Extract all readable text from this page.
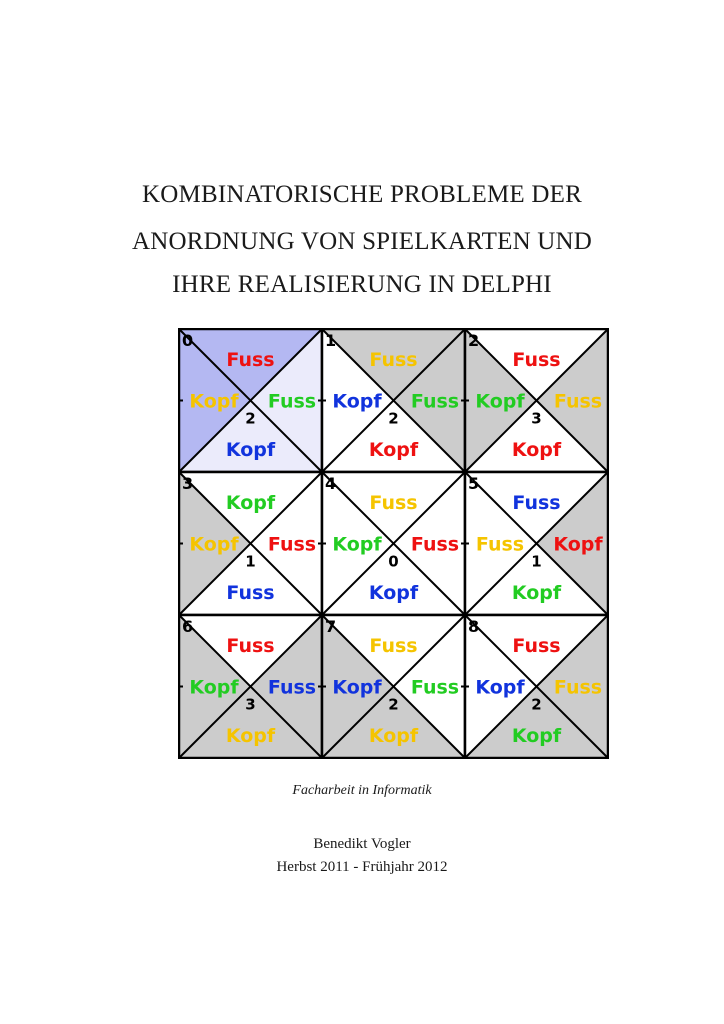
KOMBINATORISCHE PROBLEME DER
ANORDNUNG VON SPIELKARTEN UND
IHRE REALISIERUNG IN DELPHI
0
2
Fuss
Kopf
Kopf Fuss
1
2
Fuss
Kopf
Kopf Fuss
2
3
Fuss
Kopf
Kopf Fuss
3
1
Kopf
Fuss
Kopf Fuss
4
0
Fuss
Kopf
Kopf Fuss
5
1
Fuss
Kopf
Fuss Kopf
6
3
Fuss
Kopf
Kopf Fuss
7
2
Fuss
Kopf
Kopf Fuss
8
2
Fuss
Kopf
Kopf Fuss
Facharbeit in Informatik
Benedikt Vogler
Herbst 2011 - Frühjahr 2012
